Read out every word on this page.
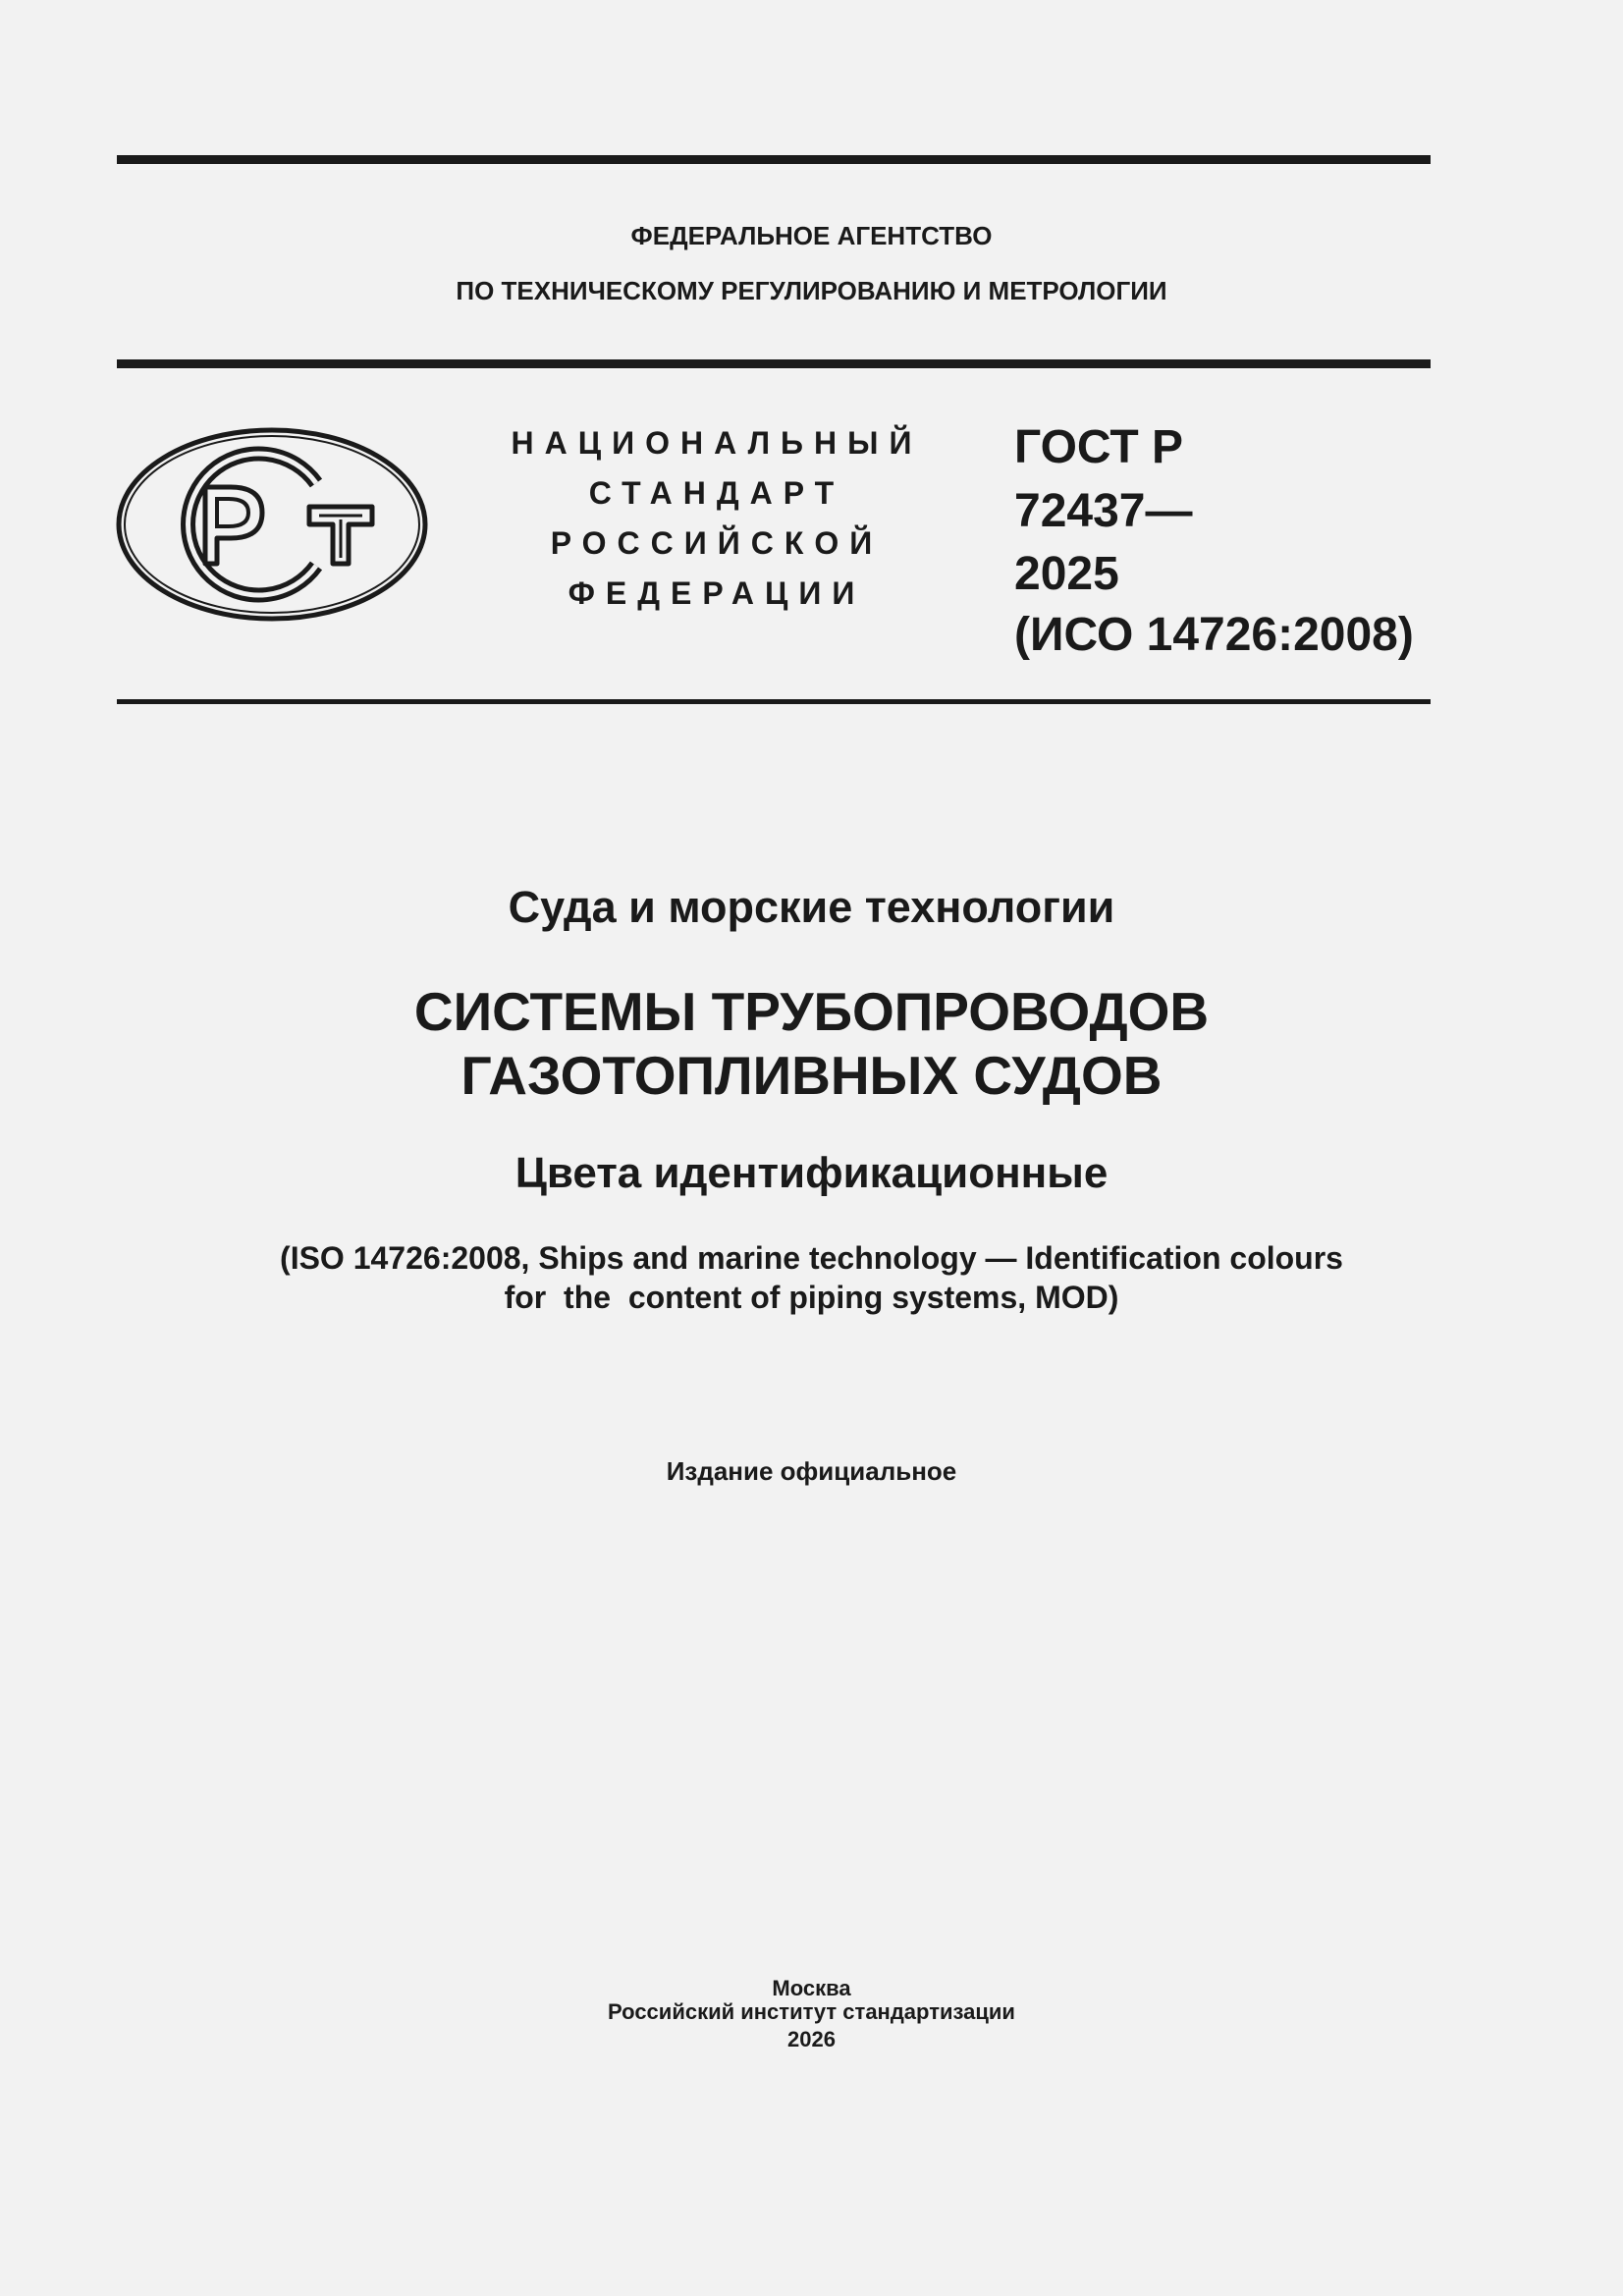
ФЕДЕРАЛЬНОЕ АГЕНТСТВО
ПО ТЕХНИЧЕСКОМУ РЕГУЛИРОВАНИЮ И МЕТРОЛОГИИ
НАЦИОНАЛЬНЫЙ
СТАНДАРТ
РОССИЙСКОЙ
ФЕДЕРАЦИИ
ГОСТ Р
72437—
2025
(ИСО 14726:2008)
Суда и морские технологии
СИСТЕМЫ ТРУБОПРОВОДОВ
ГАЗОТОПЛИВНЫХ СУДОВ
Цвета идентификационные
(ISO 14726:2008, Ships and marine technology — Identification colours
for  the  content of piping systems, MOD)
Издание официальное
Москва
Российский институт стандартизации
2026
